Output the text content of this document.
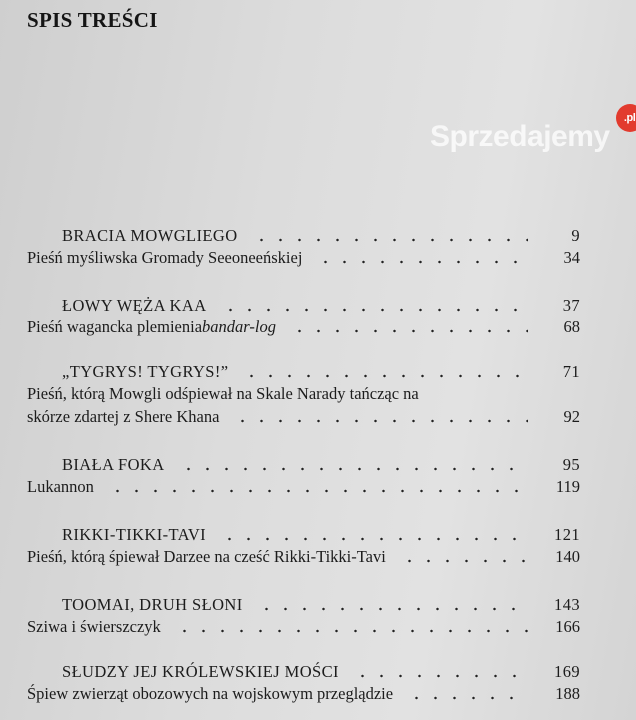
SPIS TREŚCI
BRACIA MOWGLIEGO	9
Pieśń myśliwska Gromady Seeoneeńskiej	34
ŁOWY WĘŻA KAA	37
Pieśń wagancka plemienia bandar-log	68
„TYGRYS! TYGRYS!”	71
Pieśń, którą Mowgli odśpiewał na Skale Narady tańcząc na
skórze zdartej z Shere Khana	92
BIAŁA FOKA	95
Lukannon	119
RIKKI-TIKKI-TAVI	121
Pieśń, którą śpiewał Darzee na cześć Rikki-Tikki-Tavi	140
TOOMAI, DRUH SŁONI	143
Sziwa i świerszczyk	166
SŁUDZY JEJ KRÓLEWSKIEJ MOŚCI	169
Śpiew zwierząt obozowych na wojskowym przeglądzie	188
Sprzedajemy
.pl
